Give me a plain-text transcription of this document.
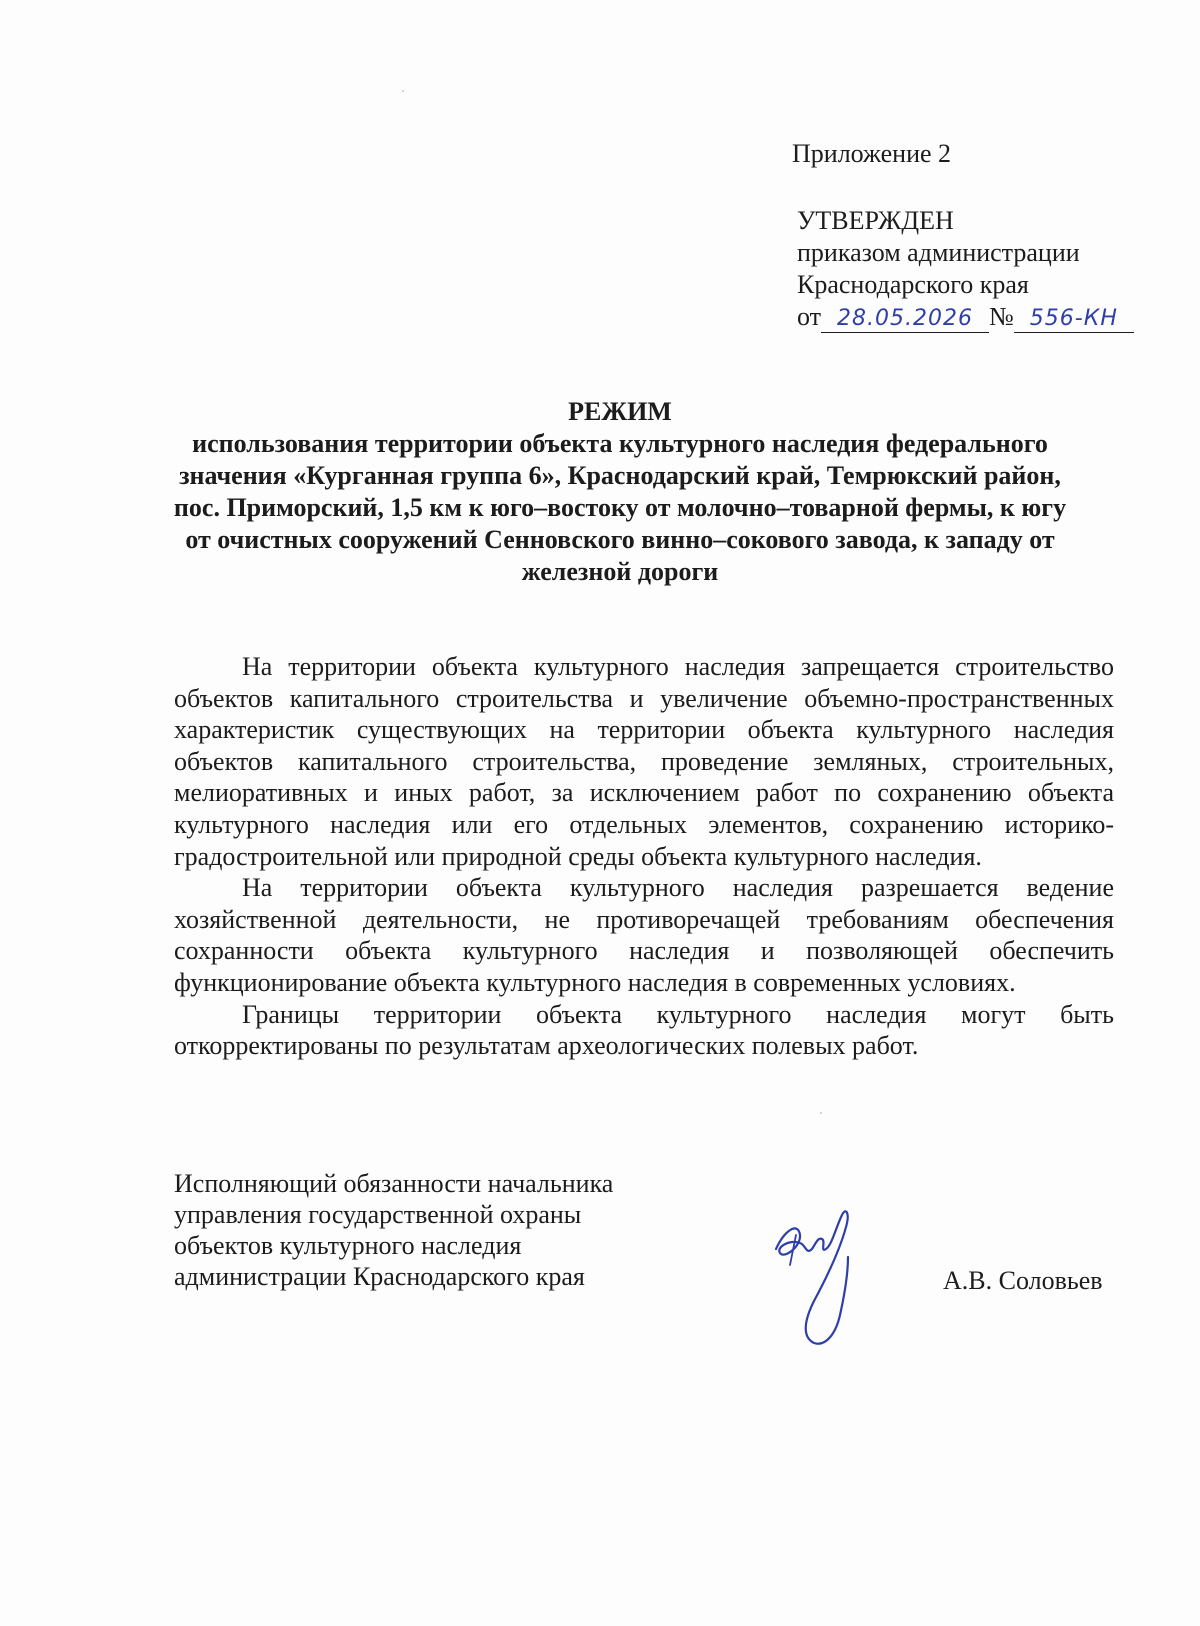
Приложение 2
УТВЕРЖДЕН
приказом администрации
Краснодарского края
от 28.05.2026 № 556-КН
РЕЖИМ
использования территории объекта культурного наследия федерального значения «Курганная группа 6», Краснодарский край, Темрюкский район, пос. Приморский, 1,5 км к юго–востоку от молочно–товарной фермы, к югу от очистных сооружений Сенновского винно–сокового завода, к западу от железной дороги

На территории объекта культурного наследия запрещается строительство объектов капитального строительства и увеличение объемно-пространственных характеристик существующих на территории объекта культурного наследия объектов капитального строительства, проведение земляных, строительных, мелиоративных и иных работ, за исключением работ по сохранению объекта культурного наследия или его отдельных элементов, сохранению историко-градостроительной или природной среды объекта культурного наследия.

На территории объекта культурного наследия разрешается ведение хозяйственной деятельности, не противоречащей требованиям обеспечения сохранности объекта культурного наследия и позволяющей обеспечить функционирование объекта культурного наследия в современных условиях.

Границы территории объекта культурного наследия могут быть откорректированы по результатам археологических полевых работ.

Исполняющий обязанности начальника
управления государственной охраны
объектов культурного наследия
администрации Краснодарского края	А.В. Соловьев
